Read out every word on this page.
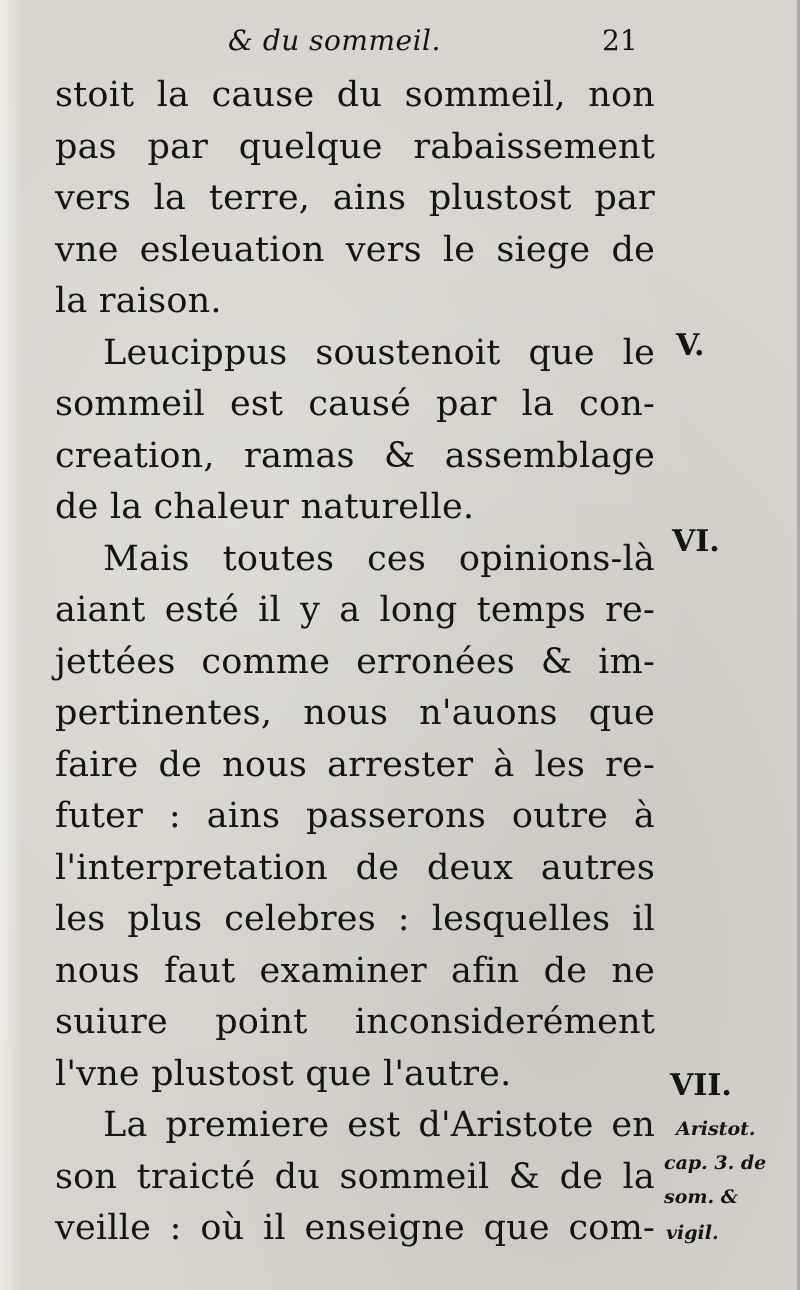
& du sommeil.	21
stoit la cause du sommeil, non
pas par quelque rabaissement
vers la terre, ains plustost par
vne esleuation vers le siege de
la raison.
Leucippus soustenoit que le
sommeil est causé par la con-
creation, ramas & assemblage
de la chaleur naturelle.
Mais toutes ces opinions-là
aiant esté il y a long temps re-
jettées comme erronées & im-
pertinentes, nous n'auons que
faire de nous arrester à les re-
futer : ains passerons outre à
l'interpretation de deux autres
les plus celebres : lesquelles il
nous faut examiner afin de ne
suiure point inconsiderément
l'vne plustost que l'autre.
La premiere est d'Aristote en
son traicté du sommeil & de la
veille : où il enseigne que com-
V.
VI.
VII.
Aristot.
cap. 3. de
som. &
vigil.
